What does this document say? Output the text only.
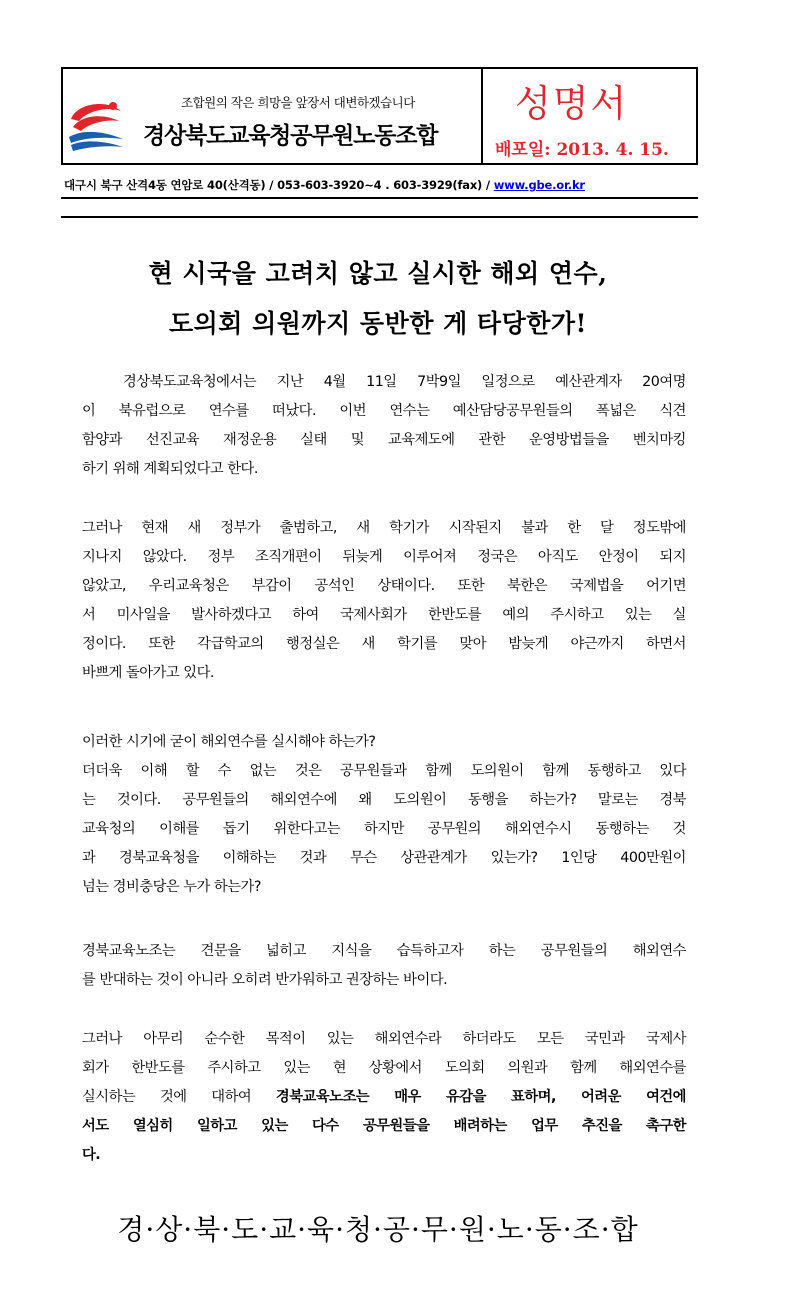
조합원의 작은 희망을 앞장서 대변하겠습니다
경상북도교육청공무원노동조합
성명서
배포일: 2013. 4. 15.
대구시 북구 산격4동 연암로 40(산격동) / 053-603-3920~4 . 603-3929(fax) / www.gbe.or.kr
현 시국을 고려치 않고 실시한 해외 연수,
도의회 의원까지 동반한 게 타당한가!
경상북도교육청에서는 지난 4월 11일 7박9일 일정으로 예산관계자 20여명
이 북유럽으로 연수를 떠났다. 이번 연수는 예산담당공무원들의 폭넓은 식견
함양과 선진교육 재정운용 실태 및 교육제도에 관한 운영방법들을 벤치마킹
하기 위해 계획되었다고 한다.
그러나 현재 새 정부가 출범하고, 새 학기가 시작된지 불과 한 달 정도밖에
지나지 않았다. 정부 조직개편이 뒤늦게 이루어져 정국은 아직도 안정이 되지
않았고, 우리교육청은 부감이 공석인 상태이다. 또한 북한은 국제법을 어기면
서 미사일을 발사하겠다고 하여 국제사회가 한반도를 예의 주시하고 있는 실
정이다. 또한 각급학교의 행정실은 새 학기를 맞아 밤늦게 야근까지 하면서
바쁘게 돌아가고 있다.
이러한 시기에 굳이 해외연수를 실시해야 하는가?
더더욱 이해 할 수 없는 것은 공무원들과 함께 도의원이 함께 동행하고 있다
는 것이다. 공무원들의 해외연수에 왜 도의원이 동행을 하는가? 말로는 경북
교육청의 이해를 돕기 위한다고는 하지만 공무원의 해외연수시 동행하는 것
과 경북교육청을 이해하는 것과 무슨 상관관계가 있는가? 1인당 400만원이
넘는 경비충당은 누가 하는가?
경북교육노조는 견문을 넓히고 지식을 습득하고자 하는 공무원들의 해외연수
를 반대하는 것이 아니라 오히려 반가워하고 권장하는 바이다.
그러나 아무리 순수한 목적이 있는 해외연수라 하더라도 모든 국민과 국제사
회가 한반도를 주시하고 있는 현 상황에서 도의회 의원과 함께 해외연수를
실시하는 것에 대하여 경북교육노조는 매우 유감을 표하며, 어려운 여건에
서도 열심히 일하고 있는 다수 공무원들을 배려하는 업무 추진을 촉구한
다.
경·상·북·도·교·육·청·공·무·원·노·동·조·합
